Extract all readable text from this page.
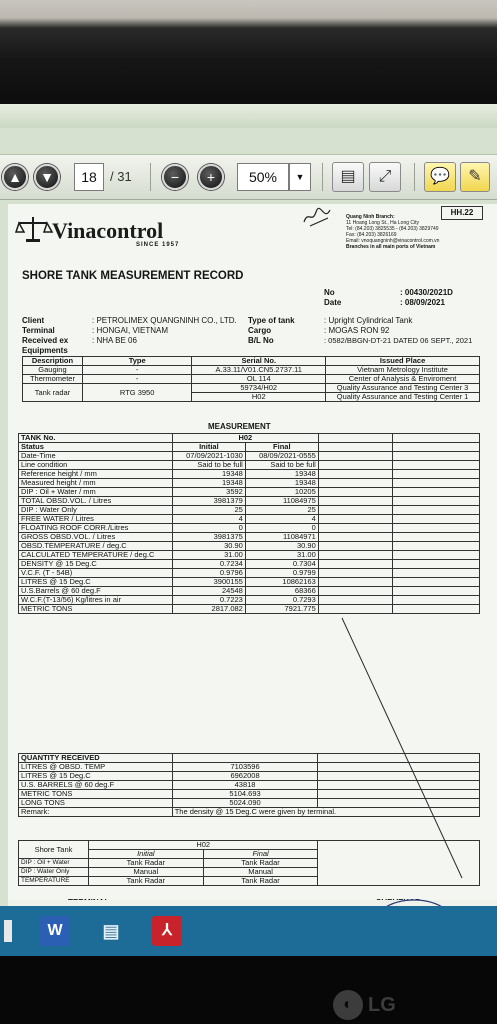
▲	▼	18	/ 31	−	+	50%	▼	▤	⤢	💬	✎
Vinacontrol
SINCE 1957
Quang Ninh Branch:
11 Hoang Long St., Ha Long City
Tel: (84.203) 3825535 - (84.203) 3829749
Fax: (84.203) 3826169
Email: vnoquangninh@vinacontrol.com.vn
Branches in all main ports of Vietnam
HH.22
SHORE TANK MEASUREMENT RECORD
No	: 00430/2021D
Date	: 08/09/2021
Client	: PETROLIMEX QUANGNINH CO., LTD.
Terminal	: HONGAI, VIETNAM
Received ex	: NHA BE 06
Equipments
Type of tank	: Upright Cylindrical Tank
Cargo	: MOGAS RON 92
B/L No	: 0582/BBGN-DT-21 DATED 06 SEPT., 2021
Description	Type	Serial No.	Issued Place
Gauging	-	A.33.11/V01.CN5.2737.11	Vietnam Metrology Institute
Thermometer	-	OL 114	Center of Analysis & Enviroment
Tank radar	RTG 3950	59734/H02	Quality Assurance and Testing Center 3
		H02	Quality Assurance and Testing Center 1
MEASUREMENT
TANK No.	H02			
Status	Initial	Final		
Date-Time	07/09/2021-1030	08/09/2021-0555		
Line condition	Said to be full	Said to be full		
Reference height / mm	19348	19348		
Measured height / mm	19348	19348		
DIP : Oil + Water / mm	3592	10205		
TOTAL OBSD.VOL. / Litres	3981379	11084975		
DIP : Water Only	25	25		
FREE WATER / Litres	4	4		
FLOATING ROOF CORR./Litres	0	0		
GROSS OBSD.VOL. / Litres	3981375	11084971		
OBSD.TEMPERATURE / deg.C	30.90	30.90		
CALCULATED TEMPERATURE / deg.C	31.00	31.00		
DENSITY @ 15 Deg.C	0.7234	0.7304		
V.C.F. (T - 54B)	0.9796	0.9799		
LITRES @ 15 Deg.C	3900155	10862163		
U.S.Barrels @ 60 deg.F	24548	68366		
W.C.F.(T-13/56) Kg/litres in air	0.7223	0.7293		
METRIC TONS	2817.082	7921.775		
QUANTITY RECEIVED		
LITRES @ OBSD. TEMP	7103596	
LITRES @ 15 Deg.C	6962008	
U.S. BARRELS @ 60 deg.F	43818	
METRIC TONS	5104.693	
LONG TONS	5024.090	
Remark:	The density @ 15 Deg.C were given by terminal.	
Shore Tank	H02		
	Initial	Final	
DIP : Oil + Water	Tank Radar	Tank Radar	
DIP : Water Only	Manual	Manual	
TEMPERATURE	Tank Radar	Tank Radar	
W	▤	⅄
◐ LG
